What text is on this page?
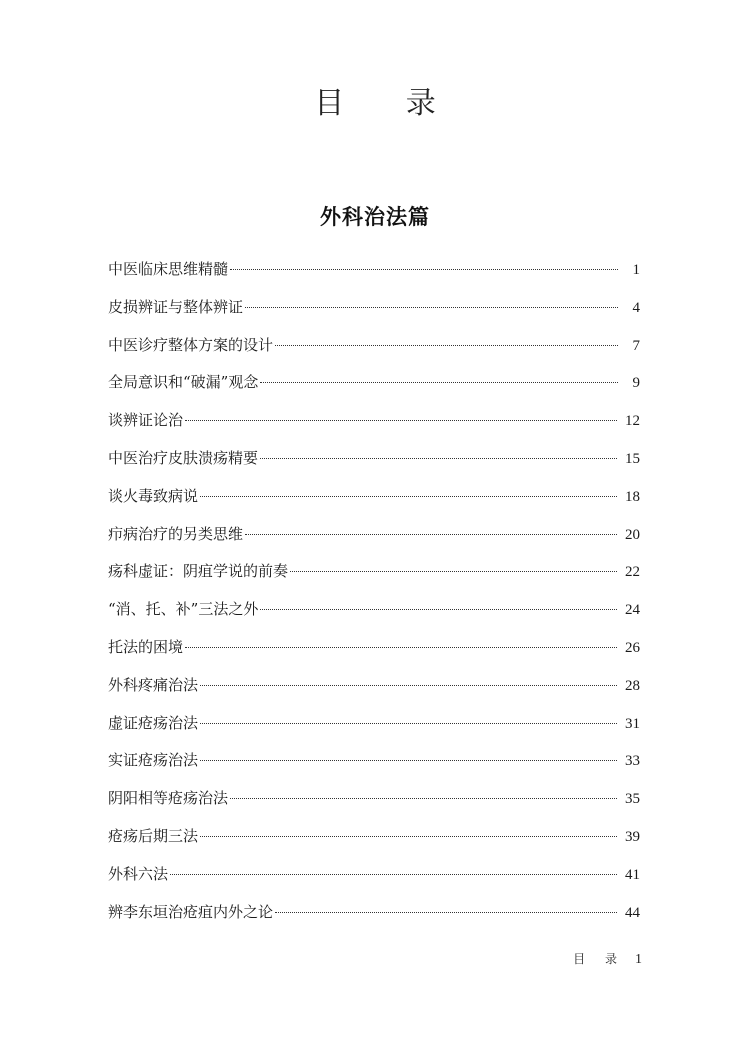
目 录
外科治法篇
中医临床思维精髓	1
皮损辨证与整体辨证	4
中医诊疗整体方案的设计	7
全局意识和“破漏”观念	9
谈辨证论治	12
中医治疗皮肤溃疡精要	15
谈火毒致病说	18
疖病治疗的另类思维	20
疡科虚证：阴疽学说的前奏	22
“消、托、补”三法之外	24
托法的困境	26
外科疼痛治法	28
虚证疮疡治法	31
实证疮疡治法	33
阴阳相等疮疡治法	35
疮疡后期三法	39
外科六法	41
辨李东垣治疮疽内外之论	44
目 录 1
